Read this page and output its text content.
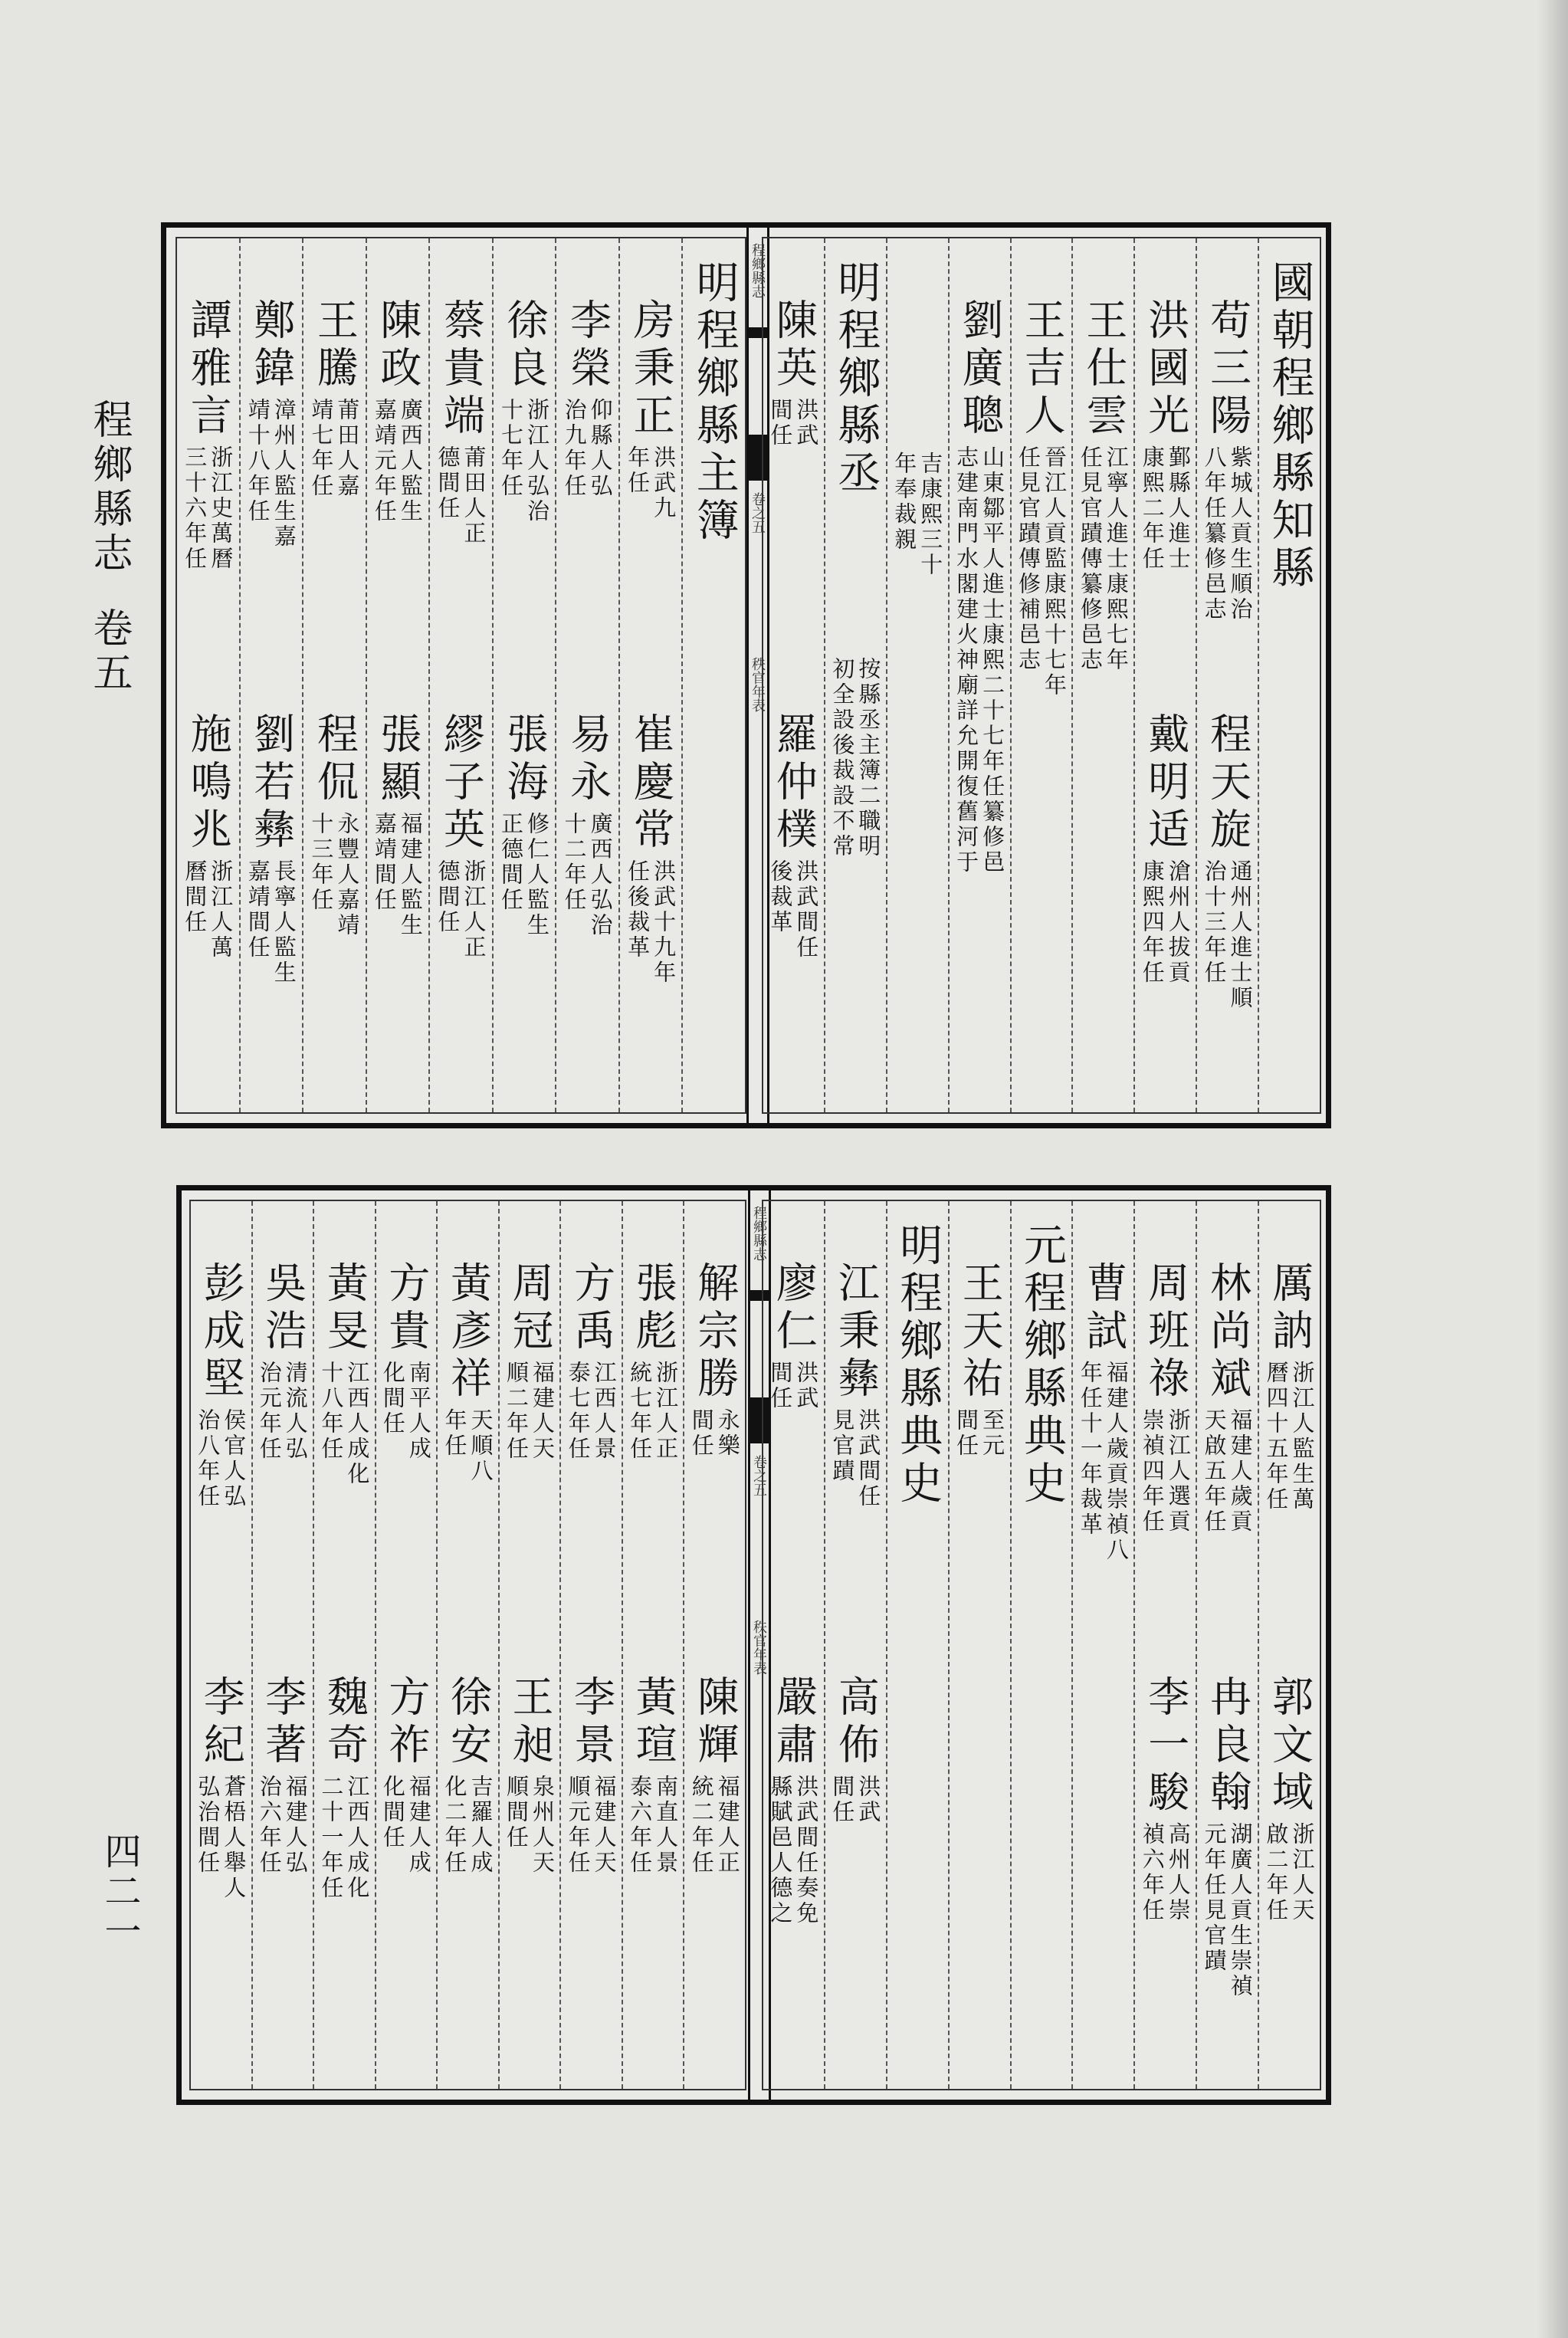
程鄉縣志卷五
四二一
明程鄉縣主簿
房秉正
洪武九年任
崔慶常
洪武十九年任後裁革
李榮
仰縣人弘治九年任
易永
廣西人弘治十二年任
徐良
浙江人弘治十七年任
張海
修仁人監生正德間任
蔡貴端
莆田人正德間任
繆子英
浙江人正德間任
陳政
廣西人監生嘉靖元年任
張顯
福建人監生嘉靖間任
王騰
莆田人嘉靖七年任
程侃
永豐人嘉靖十三年任
鄭鍏
漳州人監生嘉靖十八年任
劉若彝
長寧人監生嘉靖間任
譚雅言
浙江史萬曆三十六年任
施鳴兆
浙江人萬曆間任
程鄉縣志
卷之五
秩官年表
國朝程鄉縣知縣
苟三陽
紫城人貢生順治八年任纂修邑志
程天旋
通州人進士順治十三年任
洪國光
鄞縣人進士康熙二年任
戴明适
滄州人拔貢康熙四年任
王仕雲
江寧人進士康熙七年任見官蹟傳纂修邑志
王吉人
晉江人貢監康熙十七年任見官蹟傳修補邑志
劉廣聰
山東鄒平人進士康熙二十七年任纂修邑志建南門水閣建火神廟詳允開復舊河于
吉康熙三十年奉裁親
明程鄉縣丞
按縣丞主簿二職明初全設後裁設不常
陳英
洪武間任
羅仲樸
洪武間任後裁革
解宗勝
永樂間任
陳輝
福建人正統二年任
張彪
浙江人正統七年任
黃瑄
南直人景泰六年任
方禹
江西人景泰七年任
李景
福建人天順元年任
周冠
福建人天順二年任
王昶
泉州人天順間任
黃彥祥
天順八年任
徐安
吉羅人成化二年任
方貴
南平人成化間任
方祚
福建人成化間任
黃旻
江西人成化十八年任
魏奇
江西人成化二十一年任
吳浩
清流人弘治元年任
李著
福建人弘治六年任
彭成堅
侯官人弘治八年任
李紀
蒼梧人舉人弘治間任
程鄉縣志
卷之五
秩官年表
厲訥
浙江人監生萬曆四十五年任
郭文域
浙江人天啟二年任
林尚斌
福建人歲貢天啟五年任
冉良翰
湖廣人貢生崇禎元年任見官蹟
周班祿
浙江人選貢崇禎四年任
李一駿
高州人崇禎六年任
曹試
福建人歲貢崇禎八年任十一年裁革
元程鄉縣典史
王天祐
至元間任
明程鄉縣典史
江秉彝
洪武間任見官蹟
高佈
洪武間任
廖仁
洪武間任
嚴肅
洪武間任奏免縣賦邑人德之
